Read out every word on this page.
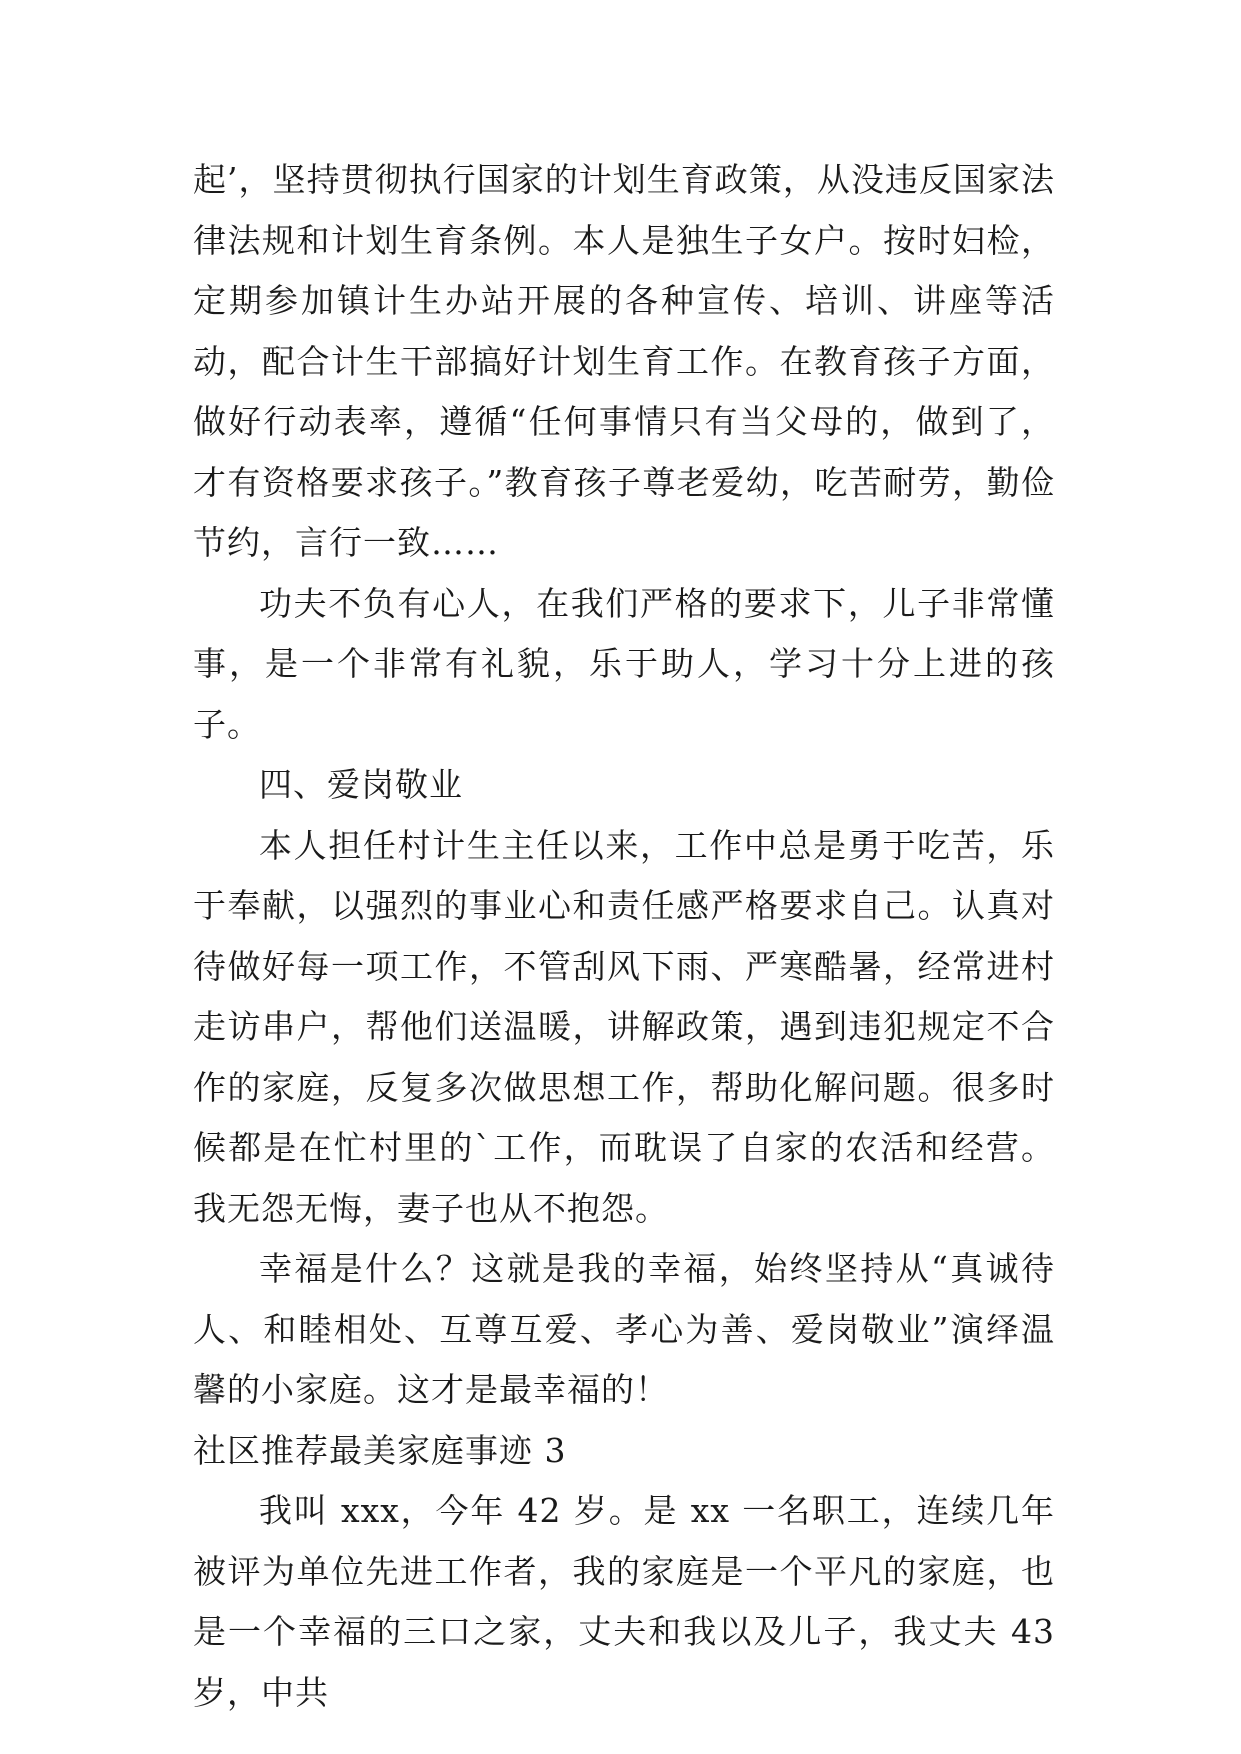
起’，坚持贯彻执行国家的计划生育政策，从没违反国家法律法规和计划生育条例。本人是独生子女户。按时妇检，定期参加镇计生办站开展的各种宣传、培训、讲座等活动，配合计生干部搞好计划生育工作。在教育孩子方面，做好行动表率，遵循“任何事情只有当父母的，做到了，才有资格要求孩子。”教育孩子尊老爱幼，吃苦耐劳，勤俭节约，言行一致……

功夫不负有心人，在我们严格的要求下，儿子非常懂事，是一个非常有礼貌，乐于助人，学习十分上进的孩子。

四、爱岗敬业

本人担任村计生主任以来，工作中总是勇于吃苦，乐于奉献，以强烈的事业心和责任感严格要求自己。认真对待做好每一项工作，不管刮风下雨、严寒酷暑，经常进村走访串户，帮他们送温暖，讲解政策，遇到违犯规定不合作的家庭，反复多次做思想工作，帮助化解问题。很多时候都是在忙村里的`工作，而耽误了自家的农活和经营。我无怨无悔，妻子也从不抱怨。

幸福是什么？这就是我的幸福，始终坚持从“真诚待人、和睦相处、互尊互爱、孝心为善、爱岗敬业”演绎温馨的小家庭。这才是最幸福的！

社区推荐最美家庭事迹 3

我叫 xxx，今年 42 岁。是 xx 一名职工，连续几年被评为单位先进工作者，我的家庭是一个平凡的家庭，也是一个幸福的三口之家，丈夫和我以及儿子，我丈夫 43 岁，中共
